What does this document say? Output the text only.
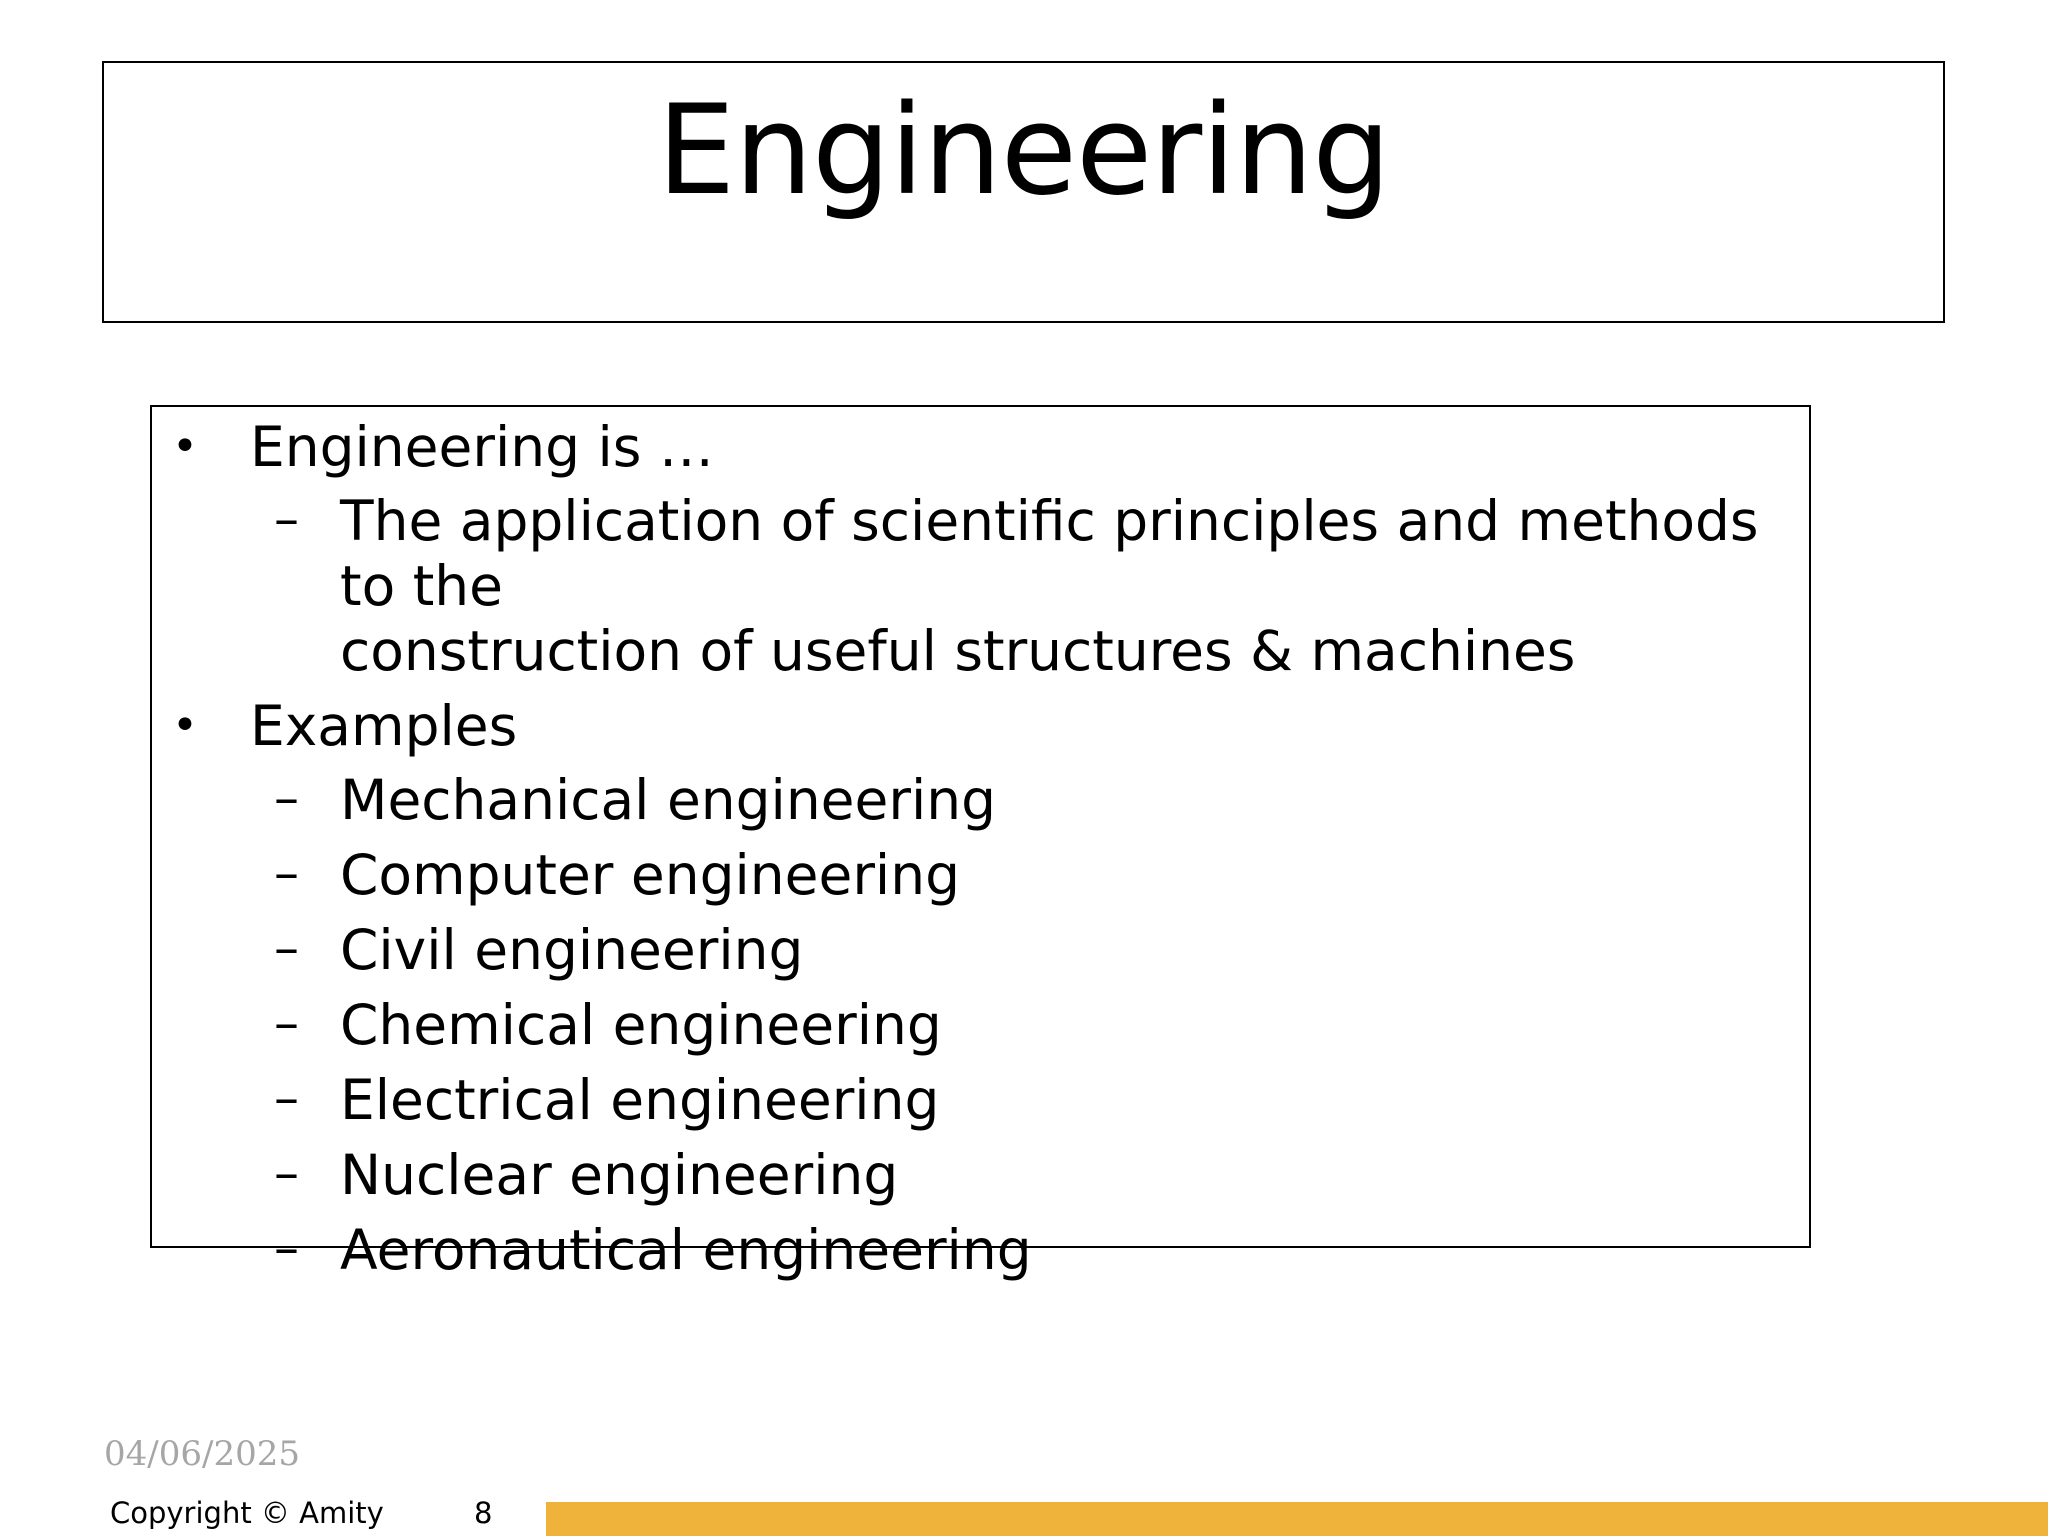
Engineering
• Engineering is …
– The application of scientific principles and methods to the
construction of useful structures & machines
• Examples
– Mechanical engineering
– Computer engineering
– Civil engineering
– Chemical engineering
– Electrical engineering
– Nuclear engineering
– Aeronautical engineering
04/06/2025
Copyright © Amity	8
